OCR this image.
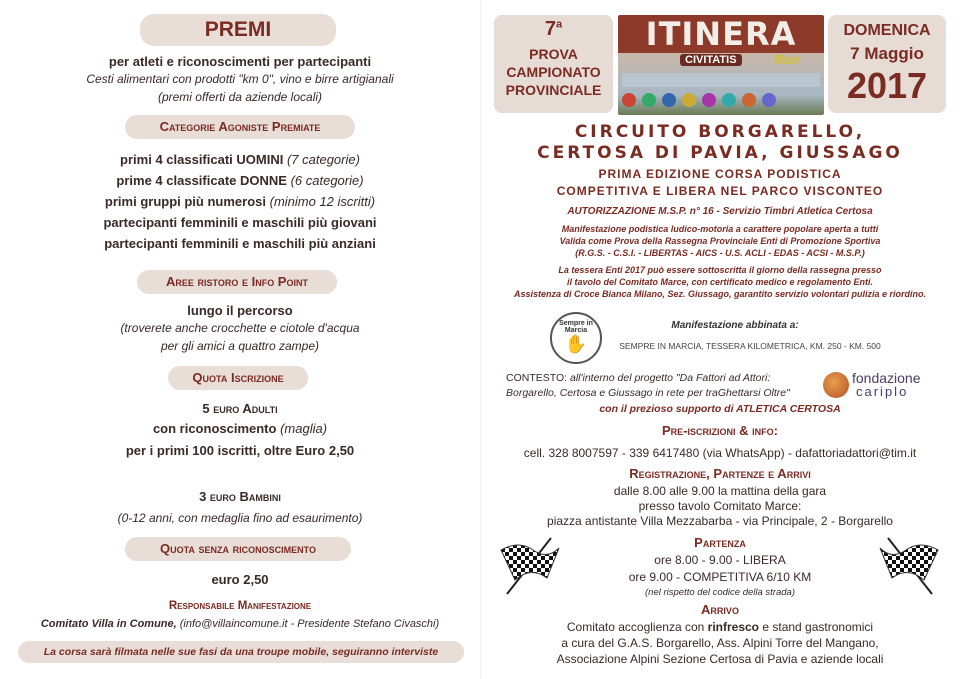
PREMI
per atleti e riconoscimenti per partecipanti
Cesti alimentari con prodotti "km 0", vino e birre artigianali
(premi offerti da aziende locali)
Categorie Agoniste Premiate
primi 4 classificati UOMINI (7 categorie)
prime 4 classificate DONNE (6 categorie)
primi gruppi più numerosi (minimo 12 iscritti)
partecipanti femminili e maschili più giovani
partecipanti femminili e maschili più anziani
Aree ristoro e Info Point
lungo il percorso
(troverete anche crocchette e ciotole d'acqua
per gli amici a quattro zampe)
Quota Iscrizione
5 euro Adulti
con riconoscimento (maglia)
per i primi 100 iscritti, oltre Euro 2,50
3 euro Bambini
(0-12 anni, con medaglia fino ad esaurimento)
Quota senza riconoscimento
euro 2,50
Responsabile Manifestazione
Comitato Villa in Comune, (info@villaincomune.it - Presidente Stefano Civaschi)
La corsa sarà filmata nelle sue fasi da una troupe mobile, seguiranno interviste
7$^a$
PROVA
CAMPIONATO
PROVINCIALE
ITINERA
CIVITATIS	Run
DOMENICA
7 Maggio
2017
CIRCUITO BORGARELLO,
CERTOSA DI PAVIA, GIUSSAGO
PRIMA EDIZIONE CORSA PODISTICA
COMPETITIVA E LIBERA NEL PARCO VISCONTEO
AUTORIZZAZIONE M.S.P. n° 16 - Servizio Timbri Atletica Certosa
Manifestazione podistica ludico-motoria a carattere popolare aperta a tutti
Valida come Prova della Rassegna Provinciale Enti di Promozione Sportiva
(R.G.S. - C.S.I. - LIBERTAS - AICS - U.S. ACLI - EDAS - ACSI - M.S.P.)
La tessera Enti 2017 può essere sottoscritta il giorno della rassegna presso
il tavolo del Comitato Marce, con certificato medico e regolamento Enti.
Assistenza di Croce Bianca Milano, Sez. Giussago, garantito servizio volontari pulizia e riordino.
Sempre in Marcia
✋
Manifestazione abbinata a:
SEMPRE IN MARCIA, TESSERA KILOMETRICA, KM. 250 - KM. 500
CONTESTO: all'interno del progetto "Da Fattori ad Attori:
Borgarello, Certosa e Giussago in rete per traGhettarsi Oltre"
fondazione
cariplo
con il prezioso supporto di ATLETICA CERTOSA
Pre-iscrizioni & info:
cell. 328 8007597 - 339 6417480 (via WhatsApp) - dafattoriadattori@tim.it
Registrazione, Partenze e Arrivi
dalle 8.00 alle 9.00 la mattina della gara
presso tavolo Comitato Marce:
piazza antistante Villa Mezzabarba - via Principale, 2 - Borgarello
Partenza
ore 8.00 - 9.00 - LIBERA
ore 9.00 - COMPETITIVA 6/10 KM
(nel rispetto del codice della strada)
Arrivo
Comitato accoglienza con rinfresco e stand gastronomici
a cura del G.A.S. Borgarello, Ass. Alpini Torre del Mangano,
Associazione Alpini Sezione Certosa di Pavia e aziende locali
